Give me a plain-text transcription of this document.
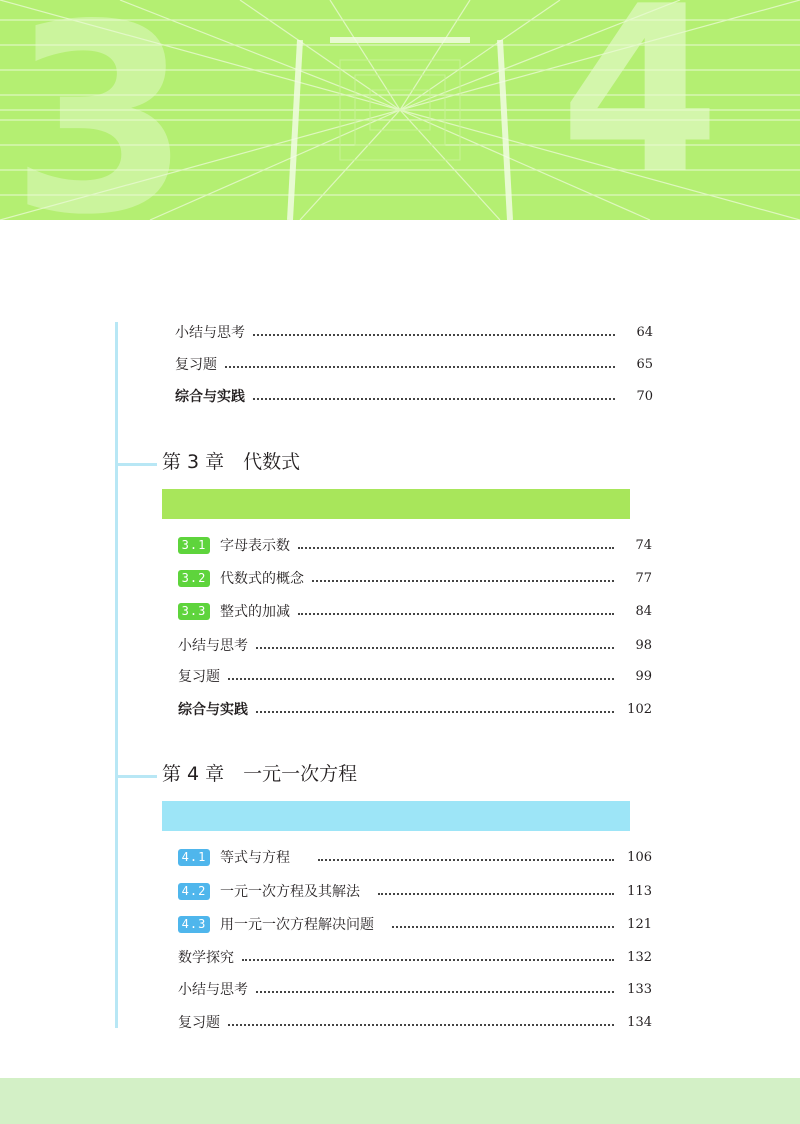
3 4
小结与思考	64
复习题	65
综合与实践	70
第 3 章　代数式
3.1 字母表示数	74
3.2 代数式的概念	77
3.3 整式的加减	84
小结与思考	98
复习题	99
综合与实践	102
第 4 章　一元一次方程
4.1 等式与方程	106
4.2 一元一次方程及其解法	113
4.3 用一元一次方程解决问题	121
数学探究	132
小结与思考	133
复习题	134
